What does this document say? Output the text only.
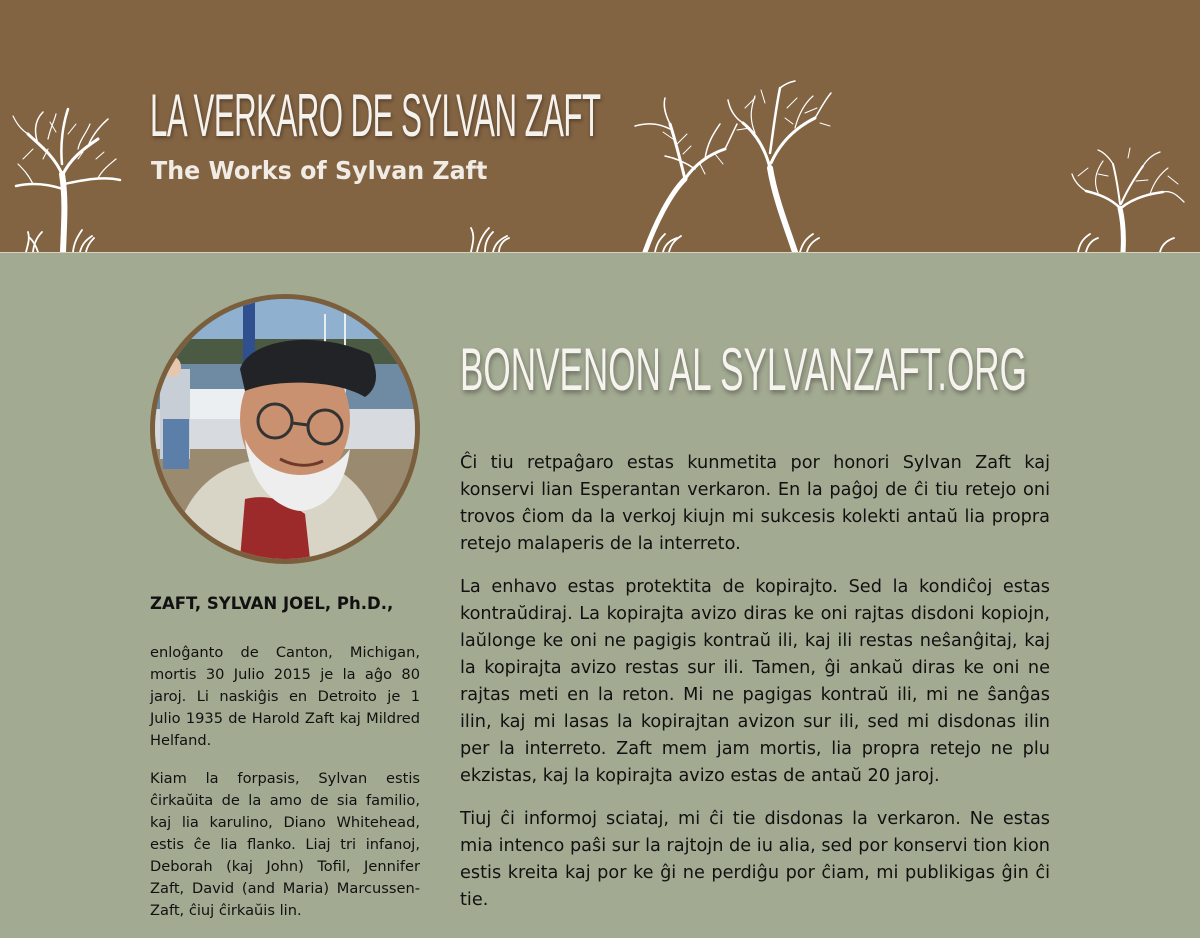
LA VERKARO DE SYLVAN ZAFT
The Works of Sylvan Zaft
ZAFT, SYLVAN JOEL, Ph.D.,

enloĝanto de Canton, Michigan, mortis 30 Julio 2015 je la aĝo 80 jaroj. Li naskiĝis en Detroito je 1 Julio 1935 de Harold Zaft kaj Mildred Helfand.

Kiam la forpasis, Sylvan estis ĉirkaŭita de la amo de sia familio, kaj lia karulino, Diano Whitehead, estis ĉe lia flanko. Liaj tri infanoj, Deborah (kaj John) Tofil, Jennifer Zaft, David (and Maria) Marcussen-Zaft, ĉiuj ĉirkaŭis lin.

BONVENON AL SYLVANZAFT.ORG

Ĉi tiu retpaĝaro estas kunmetita por honori Sylvan Zaft kaj konservi lian Esperantan verkaron. En la paĝoj de ĉi tiu retejo oni trovos ĉiom da la verkoj kiujn mi sukcesis kolekti antaŭ lia propra retejo malaperis de la interreto.

La enhavo estas protektita de kopirajto. Sed la kondiĉoj estas kontraŭdiraj. La kopirajta avizo diras ke oni rajtas disdoni kopiojn, laŭlonge ke oni ne pagigis kontraŭ ili, kaj ili restas neŝanĝitaj, kaj la kopirajta avizo restas sur ili. Tamen, ĝi ankaŭ diras ke oni ne rajtas meti en la reton. Mi ne pagigas kontraŭ ili, mi ne ŝanĝas ilin, kaj mi lasas la kopirajtan avizon sur ili, sed mi disdonas ilin per la interreto. Zaft mem jam mortis, lia propra retejo ne plu ekzistas, kaj la kopirajta avizo estas de antaŭ 20 jaroj.

Tiuj ĉi informoj sciataj, mi ĉi tie disdonas la verkaron. Ne estas mia intenco paŝi sur la rajtojn de iu alia, sed por konservi tion kion estis kreita kaj por ke ĝi ne perdiĝu por ĉiam, mi publikigas ĝin ĉi tie.
